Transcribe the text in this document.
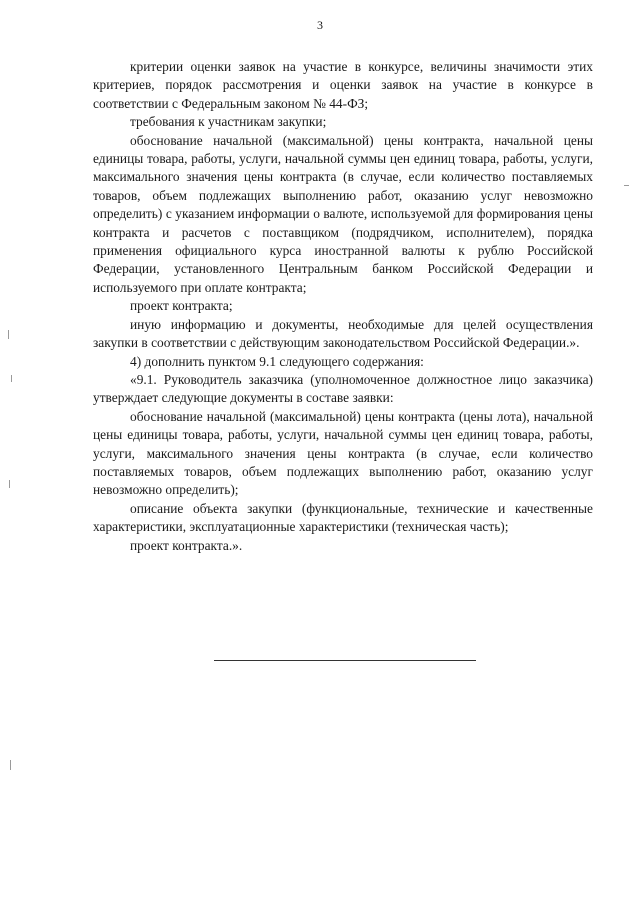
3

критерии оценки заявок на участие в конкурсе, величины значимости этих критериев, порядок рассмотрения и оценки заявок на участие в конкурсе в соответствии с Федеральным законом № 44-ФЗ;

требования к участникам закупки;

обоснование начальной (максимальной) цены контракта, начальной цены единицы товара, работы, услуги, начальной суммы цен единиц товара, работы, услуги, максимального значения цены контракта (в случае, если количество поставляемых товаров, объем подлежащих выполнению работ, оказанию услуг невозможно определить) с указанием информации о валюте, используемой для формирования цены контракта и расчетов с поставщиком (подрядчиком, исполнителем), порядка применения официального курса иностранной валюты к рублю Российской Федерации, установленного Центральным банком Российской Федерации и используемого при оплате контракта;

проект контракта;

иную информацию и документы, необходимые для целей осуществления закупки в соответствии с действующим законодательством Российской Федерации.».

4) дополнить пунктом 9.1 следующего содержания:

«9.1. Руководитель заказчика (уполномоченное должностное лицо заказчика) утверждает следующие документы в составе заявки:

обоснование начальной (максимальной) цены контракта (цены лота), начальной цены единицы товара, работы, услуги, начальной суммы цен единиц товара, работы, услуги, максимального значения цены контракта (в случае, если количество поставляемых товаров, объем подлежащих выполнению работ, оказанию услуг невозможно определить);

описание объекта закупки (функциональные, технические и качественные характеристики, эксплуатационные характеристики (техническая часть);

проект контракта.».
